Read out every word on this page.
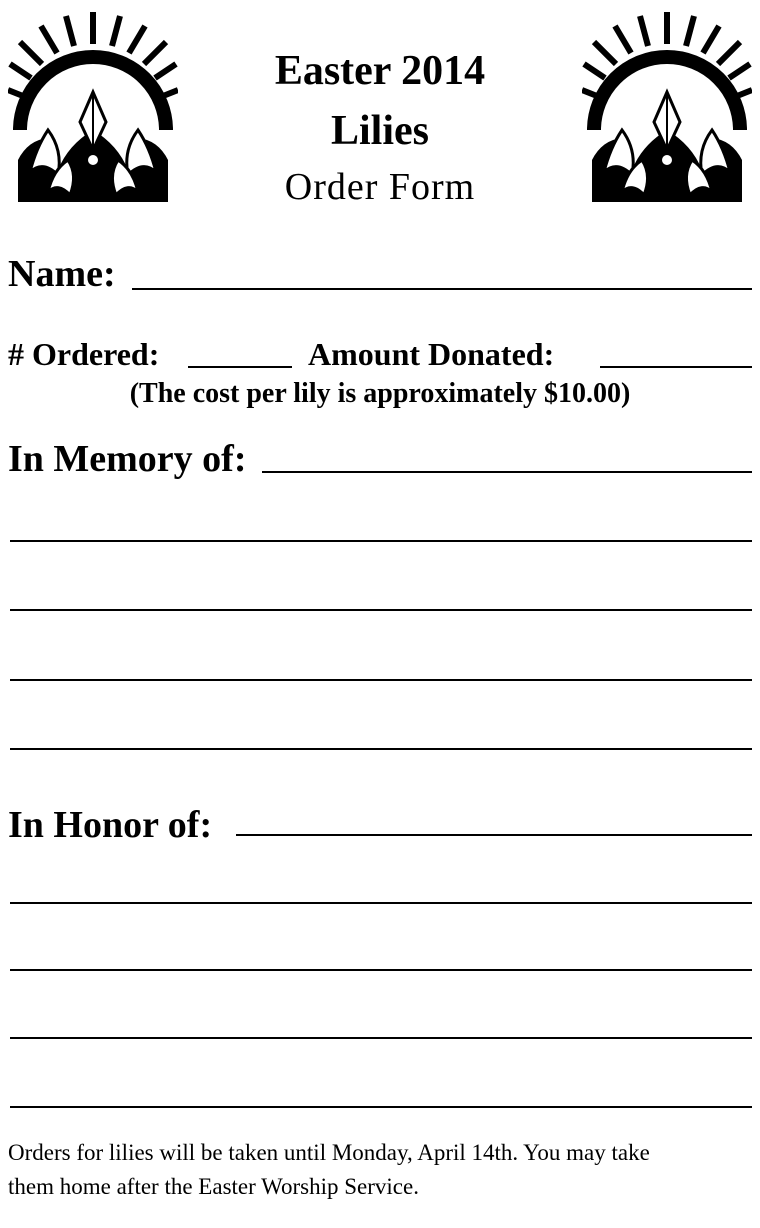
Easter 2014
Lilies
Order Form
Name:
# Ordered:	Amount Donated:
(The cost per lily is approximately $10.00)
In Memory of:
In Honor of:
Orders for lilies will be taken until Monday, April 14th. You may take
them home after the Easter Worship Service.
